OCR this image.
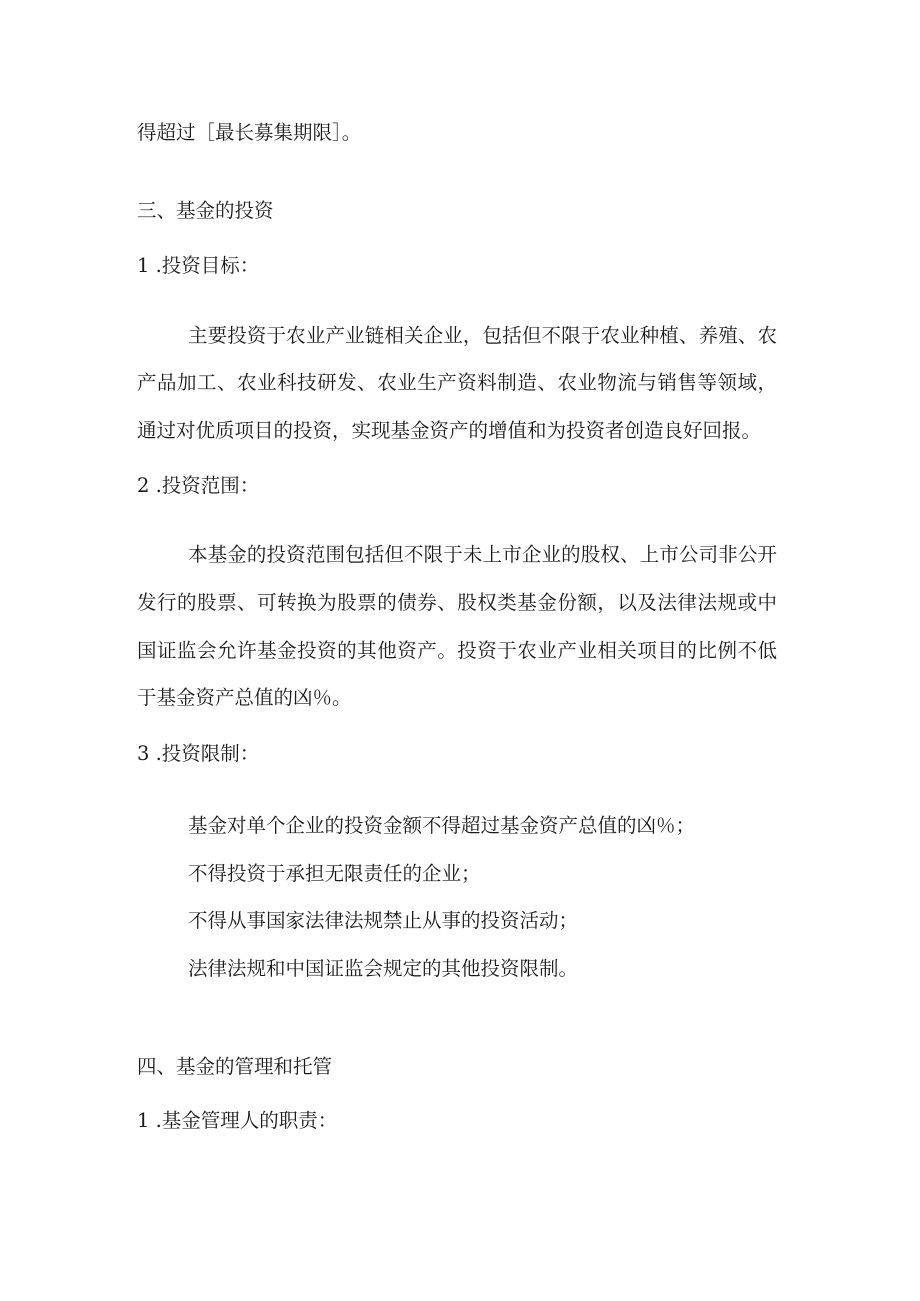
得超过［最长募集期限］。

三、基金的投资

1 .投资目标：

主要投资于农业产业链相关企业，包括但不限于农业种植、养殖、农

产品加工、农业科技研发、农业生产资料制造、农业物流与销售等领域，

通过对优质项目的投资，实现基金资产的增值和为投资者创造良好回报。

2 .投资范围：

本基金的投资范围包括但不限于未上市企业的股权、上市公司非公开

发行的股票、可转换为股票的债券、股权类基金份额，以及法律法规或中

国证监会允许基金投资的其他资产。投资于农业产业相关项目的比例不低

于基金资产总值的凶％。

3 .投资限制：

基金对单个企业的投资金额不得超过基金资产总值的凶％；

不得投资于承担无限责任的企业；

不得从事国家法律法规禁止从事的投资活动；

法律法规和中国证监会规定的其他投资限制。

四、基金的管理和托管

1 .基金管理人的职责：
